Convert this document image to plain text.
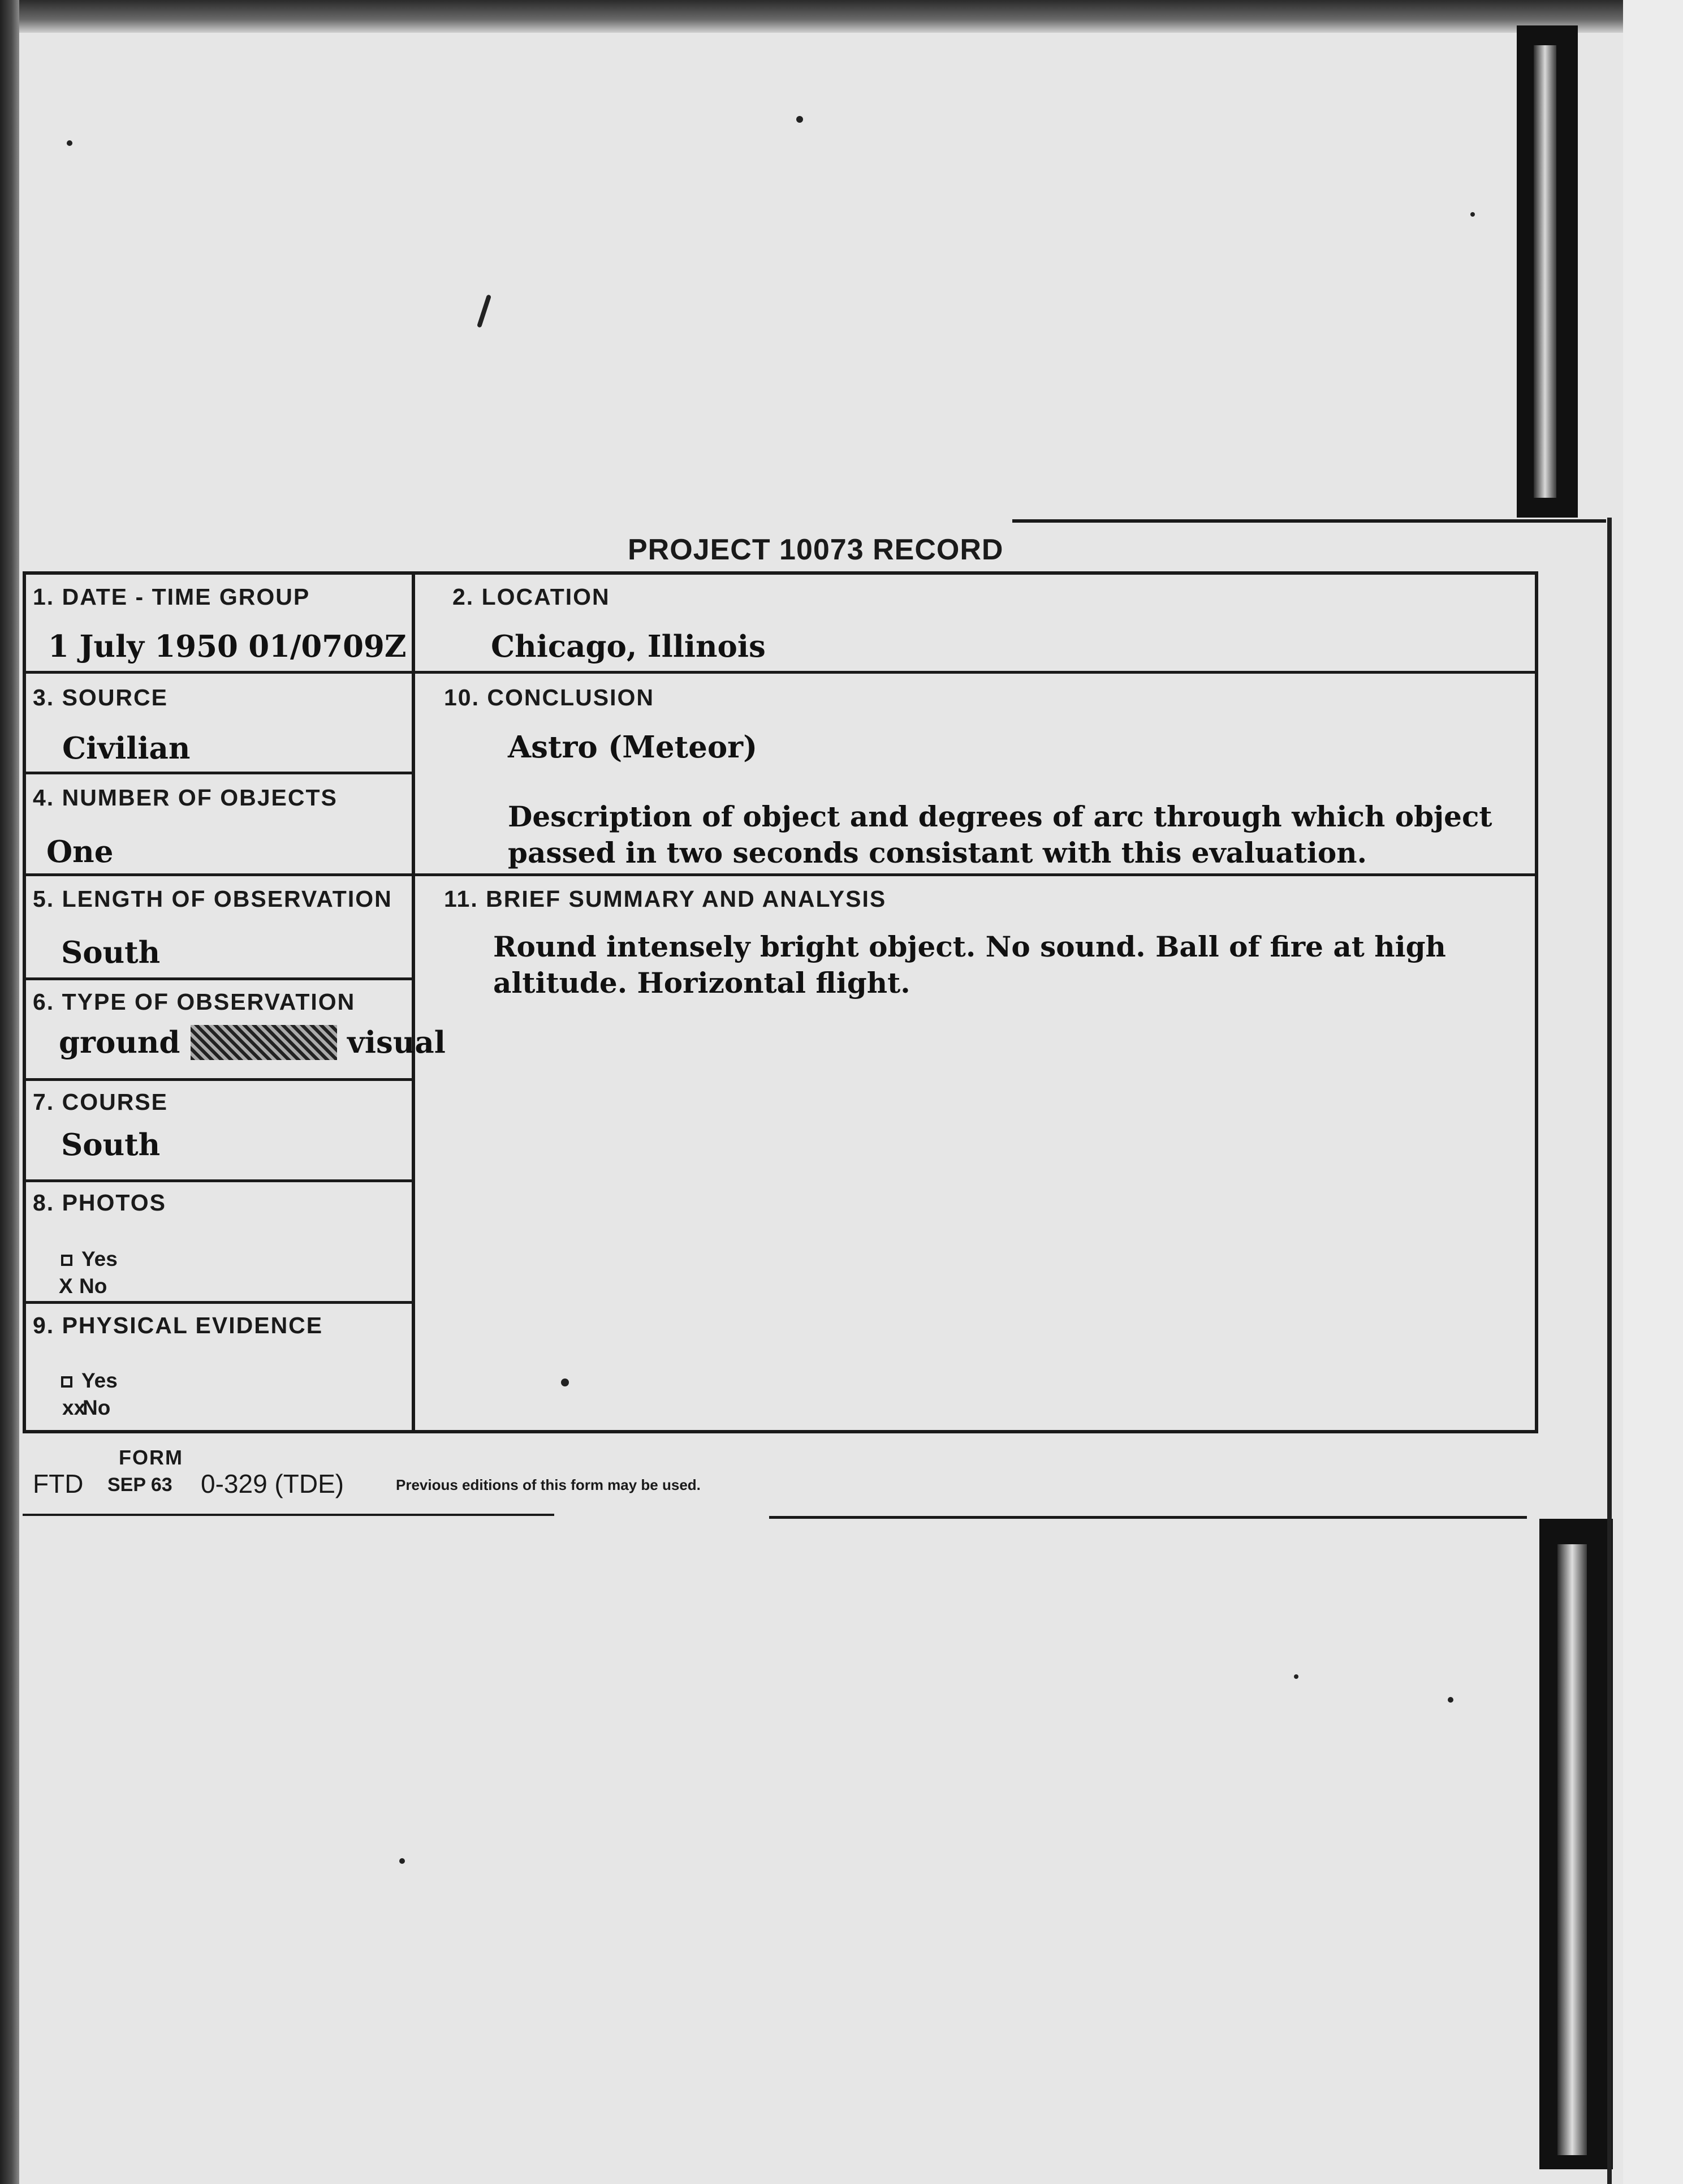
PROJECT 10073 RECORD
1. DATE - TIME GROUP
1 July 1950 01/0709Z
2. LOCATION
Chicago, Illinois
3. SOURCE
Civilian
4. NUMBER OF OBJECTS
One
5. LENGTH OF OBSERVATION
South
6. TYPE OF OBSERVATION
ground	visual
7. COURSE
South
8. PHOTOS
Yes
X No
9. PHYSICAL EVIDENCE
Yes
xxNo
10. CONCLUSION
Astro (Meteor)
Description of object and degrees of arc through which object
passed in two seconds consistant with this evaluation.
11. BRIEF SUMMARY AND ANALYSIS
Round intensely bright object. No sound. Ball of fire at high
altitude. Horizontal flight.
FORM
FTD SEP 63 0-329 (TDE)	Previous editions of this form may be used.
